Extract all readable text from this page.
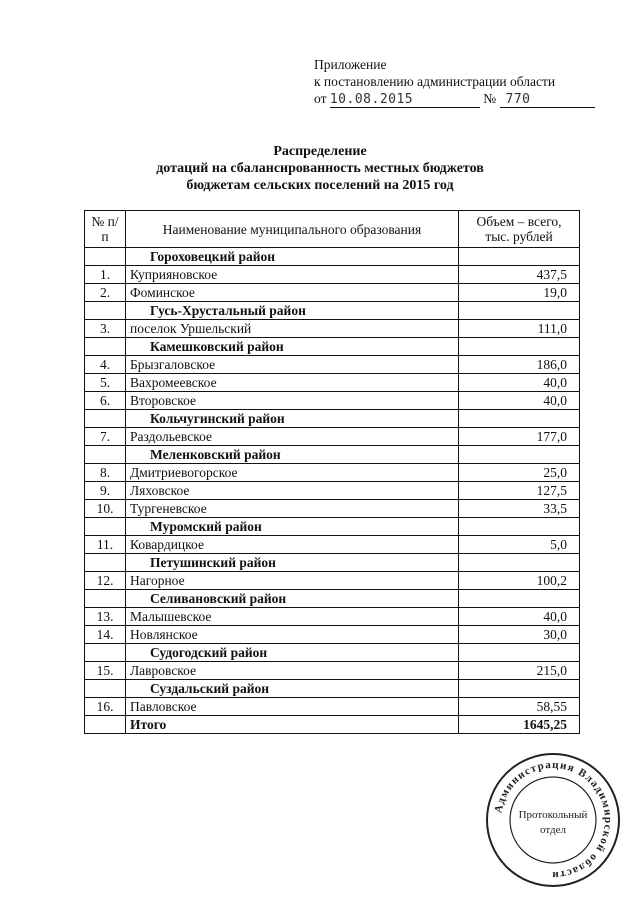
Приложение
к постановлению администрации области
от 10.08.2015	№ 770
Распределение
дотаций на сбалансированность местных бюджетов
бюджетам сельских поселений на 2015 год
№ п/п	Наименование муниципального образования	Объем – всего, тыс. рублей
	Гороховецкий район	
1.	Куприяновское	437,5
2.	Фоминское	19,0
	Гусь-Хрустальный район	
3.	поселок Уршельский	111,0
	Камешковский район	
4.	Брызгаловское	186,0
5.	Вахромеевское	40,0
6.	Второвское	40,0
	Кольчугинский район	
7.	Раздольевское	177,0
	Меленковский район	
8.	Дмитриевогорское	25,0
9.	Ляховское	127,5
10.	Тургеневское	33,5
	Муромский район	
11.	Ковардицкое	5,0
	Петушинский район	
12.	Нагорное	100,2
	Селивановский район	
13.	Малышевское	40,0
14.	Новлянское	30,0
	Судогодский район	
15.	Лавровское	215,0
	Суздальский район	
16.	Павловское	58,55
	Итого	1645,25
Администрация Владимирской области
Протокольный
отдел
